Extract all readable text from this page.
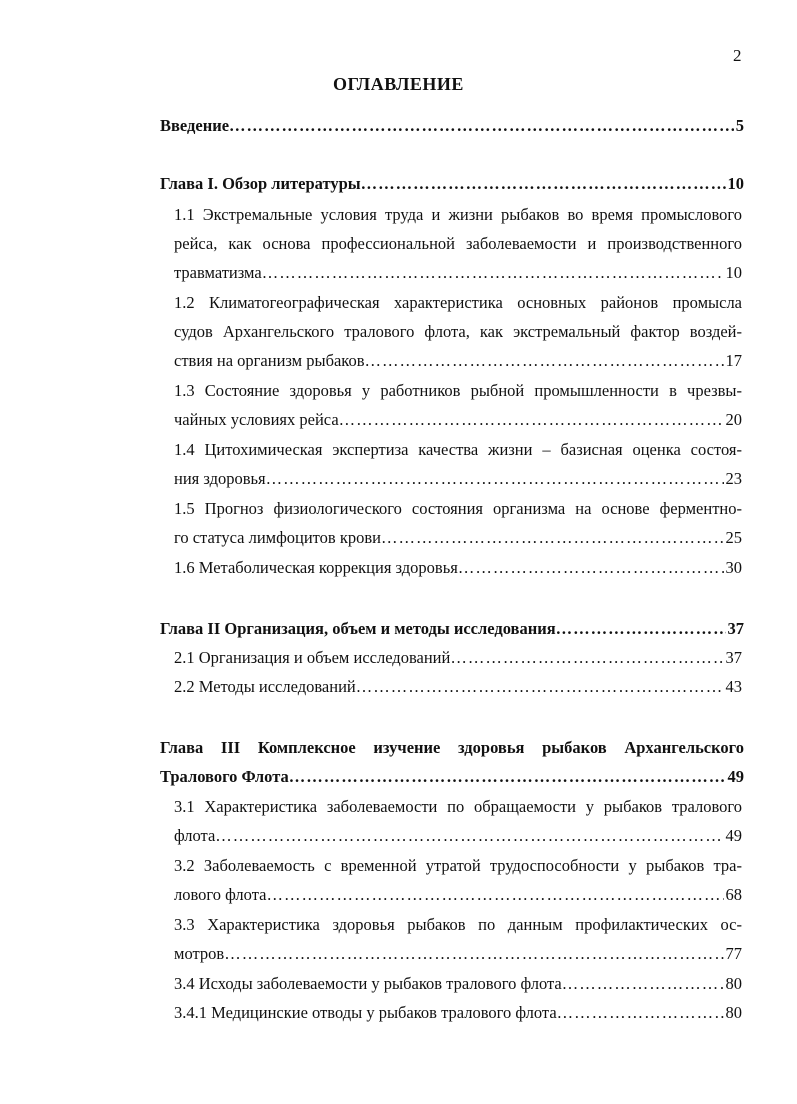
2
ОГЛАВЛЕНИЕ
Введение ………………………………………………………………………………………………	5
Глава I. Обзор литературы ………………………………………………………………………………………………	10
1.1 Экстремальные условия труда и жизни рыбаков во время промыслового
рейса, как основа профессиональной заболеваемости и производственного
травматизма ………………………………………………………………………………………………	10
1.2 Климатогеографическая характеристика основных районов промысла
судов Архангельского тралового флота, как экстремальный фактор воздей-
ствия на организм рыбаков ………………………………………………………………………………………………	17
1.3 Состояние здоровья у работников рыбной промышленности в чрезвы-
чайных условиях рейса ………………………………………………………………………………………………	20
1.4 Цитохимическая экспертиза качества жизни – базисная оценка состоя-
ния здоровья ………………………………………………………………………………………………	23
1.5 Прогноз физиологического состояния организма на основе ферментно-
го статуса лимфоцитов крови ………………………………………………………………………………………………	25
1.6 Метаболическая коррекция здоровья ………………………………………………………………………………………………	30
Глава II Организация, объем и методы исследования ………………………………………………………………………………………………	37
2.1 Организация и объем исследований ………………………………………………………………………………………………	37
2.2 Методы исследований ………………………………………………………………………………………………	43
Глава III Комплексное изучение здоровья рыбаков Архангельского
Тралового Флота ………………………………………………………………………………………………	49
3.1 Характеристика заболеваемости по обращаемости у рыбаков тралового
флота ………………………………………………………………………………………………	49
3.2 Заболеваемость с временной утратой трудоспособности у рыбаков тра-
лового флота ………………………………………………………………………………………………	68
3.3 Характеристика здоровья рыбаков по данным профилактических ос-
мотров ………………………………………………………………………………………………	77
3.4 Исходы заболеваемости у рыбаков тралового флота ………………………………………………………………………………………………	80
3.4.1 Медицинские отводы у рыбаков тралового флота ………………………………………………………………………………………………	80
